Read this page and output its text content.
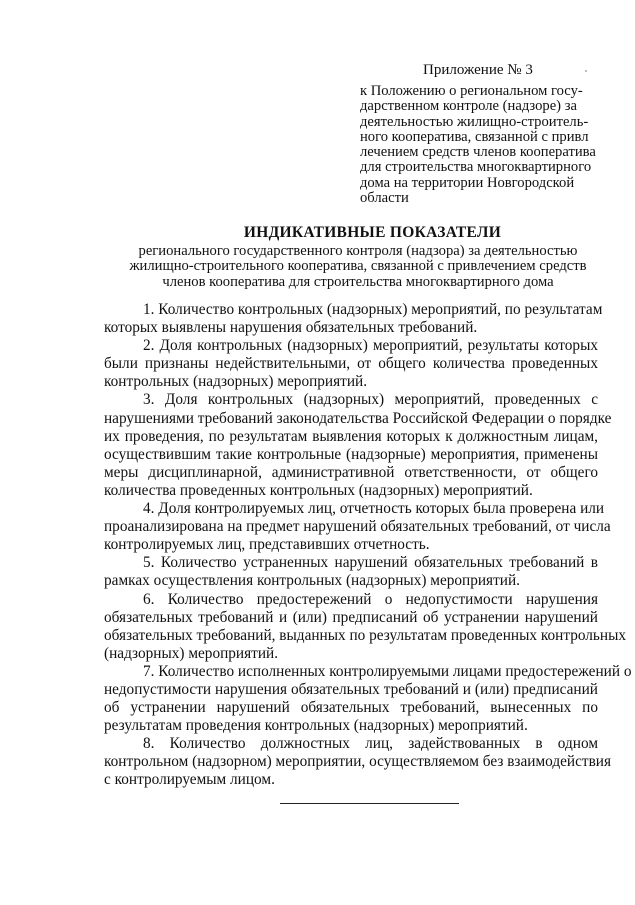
Приложение № 3
к Положению о региональном госу-
дарственном контроле (надзоре) за
деятельностью жилищно-строитель-
ного кооператива, связанной с привл
лечением средств членов кооператива
для строительства многоквартирного
дома на территории Новгородской
области
ИНДИКАТИВНЫЕ ПОКАЗАТЕЛИ
регионального государственного контроля (надзора) за деятельностью
жилищно-строительного кооператива, связанной с привлечением средств
членов кооператива для строительства многоквартирного дома
1. Количество контрольных (надзорных) мероприятий, по результатам
которых выявлены нарушения обязательных требований.
2. Доля контрольных (надзорных) мероприятий, результаты которых
были признаны недействительными, от общего количества проведенных
контрольных (надзорных) мероприятий.
3. Доля контрольных (надзорных) мероприятий, проведенных с
нарушениями требований законодательства Российской Федерации о порядке
их проведения, по результатам выявления которых к должностным лицам,
осуществившим такие контрольные (надзорные) мероприятия, применены
меры дисциплинарной, административной ответственности, от общего
количества проведенных контрольных (надзорных) мероприятий.
4. Доля контролируемых лиц, отчетность которых была проверена или
проанализирована на предмет нарушений обязательных требований, от числа
контролируемых лиц, представивших отчетность.
5. Количество устраненных нарушений обязательных требований в
рамках осуществления контрольных (надзорных) мероприятий.
6. Количество предостережений о недопустимости нарушения
обязательных требований и (или) предписаний об устранении нарушений
обязательных требований, выданных по результатам проведенных контрольных
(надзорных) мероприятий.
7. Количество исполненных контролируемыми лицами предостережений о
недопустимости нарушения обязательных требований и (или) предписаний
об устранении нарушений обязательных требований, вынесенных по
результатам проведения контрольных (надзорных) мероприятий.
8. Количество должностных лиц, задействованных в одном
контрольном (надзорном) мероприятии, осуществляемом без взаимодействия
с контролируемым лицом.
